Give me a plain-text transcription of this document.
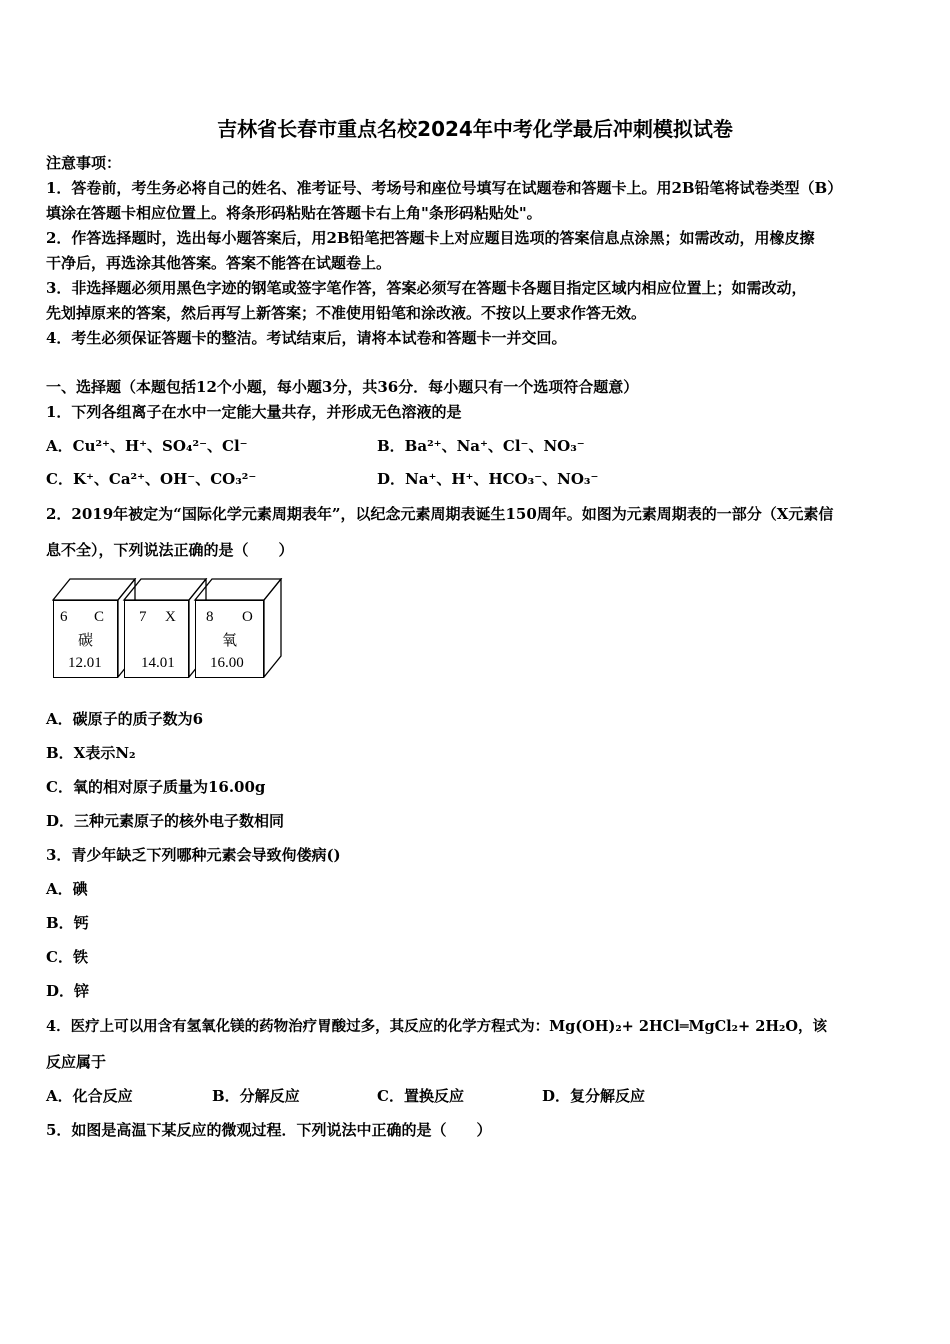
吉林省长春市重点名校2024年中考化学最后冲刺模拟试卷
注意事项：
1．答卷前，考生务必将自己的姓名、准考证号、考场号和座位号填写在试题卷和答题卡上。用2B铅笔将试卷类型（B）
填涂在答题卡相应位置上。将条形码粘贴在答题卡右上角"条形码粘贴处"。
2．作答选择题时，选出每小题答案后，用2B铅笔把答题卡上对应题目选项的答案信息点涂黑；如需改动，用橡皮擦
干净后，再选涂其他答案。答案不能答在试题卷上。
3．非选择题必须用黑色字迹的钢笔或签字笔作答，答案必须写在答题卡各题目指定区域内相应位置上；如需改动，
先划掉原来的答案，然后再写上新答案；不准使用铅笔和涂改液。不按以上要求作答无效。
4．考生必须保证答题卡的整洁。考试结束后，请将本试卷和答题卡一并交回。
一、选择题（本题包括12个小题，每小题3分，共36分．每小题只有一个选项符合题意）
1．下列各组离子在水中一定能大量共存，并形成无色溶液的是
A．Cu²⁺、H⁺、SO₄²⁻、Cl⁻	B．Ba²⁺、Na⁺、Cl⁻、NO₃⁻
C．K⁺、Ca²⁺、OH⁻、CO₃²⁻	D．Na⁺、H⁺、HCO₃⁻、NO₃⁻
2．2019年被定为“国际化学元素周期表年”，以纪念元素周期表诞生150周年。如图为元素周期表的一部分（X元素信
息不全），下列说法正确的是（　　）
6 C
碳
12.01
7 X
14.01
8 O
氧
16.00
A．碳原子的质子数为6
B．X表示N₂
C．氧的相对原子质量为16.00g
D．三种元素原子的核外电子数相同
3．青少年缺乏下列哪种元素会导致佝偻病()
A．碘
B．钙
C．铁
D．锌
4．医疗上可以用含有氢氧化镁的药物治疗胃酸过多，其反应的化学方程式为：Mg(OH)₂+ 2HCl═MgCl₂+ 2H₂O，该
反应属于
A．化合反应	B．分解反应	C．置换反应	D．复分解反应
5．如图是高温下某反应的微观过程．下列说法中正确的是（　　）
